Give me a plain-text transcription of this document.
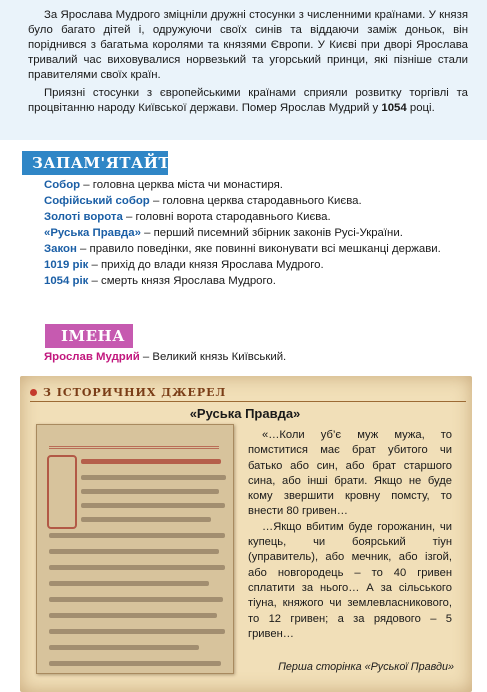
За Ярослава Мудрого зміцніли дружні стосунки з численними країнами. У князя було багато дітей і, одружуючи своїх синів та віддаючи заміж доньок, він поріднився з багатьма королями та князями Європи. У Києві при дворі Ярослава тривалий час виховувалися норвезький та угорський принци, які пізніше стали правителями своїх країн.

Приязні стосунки з європейськими країнами сприяли розвитку торгівлі та процвітанню народу Київської держави. Помер Ярослав Мудрий у 1054 році.

ЗАПАМ'ЯТАЙТЕ
Собор – головна церква міста чи монастиря.
Софійський собор – головна церква стародавнього Києва.
Золоті ворота – головні ворота стародавнього Києва.
«Руська Правда» – перший писемний збірник законів Русі-України.
Закон – правило поведінки, яке повинні виконувати всі мешканці держави.
1019 рік – прихід до влади князя Ярослава Мудрого.
1054 рік – смерть князя Ярослава Мудрого.
ІМЕНА
Ярослав Мудрий – Великий князь Київський.
З ІСТОРИЧНИХ ДЖЕРЕЛ
«Руська Правда»

«…Коли уб’є муж мужа, то помститися має брат убитого чи батько або син, або брат старшого сина, або інші брати. Якщо не буде кому звершити кровну помсту, то внести 80 гривен…

…Якщо вбитим буде горожанин, чи купець, чи боярський тіун (управитель), або мечник, або ізгой, або новгородець – то 40 гривен сплатити за нього… А за сільського тіуна, княжого чи землевласникового, то 12 гривен; а за рядового – 5 гривен…

Перша сторінка «Руської Правди»
